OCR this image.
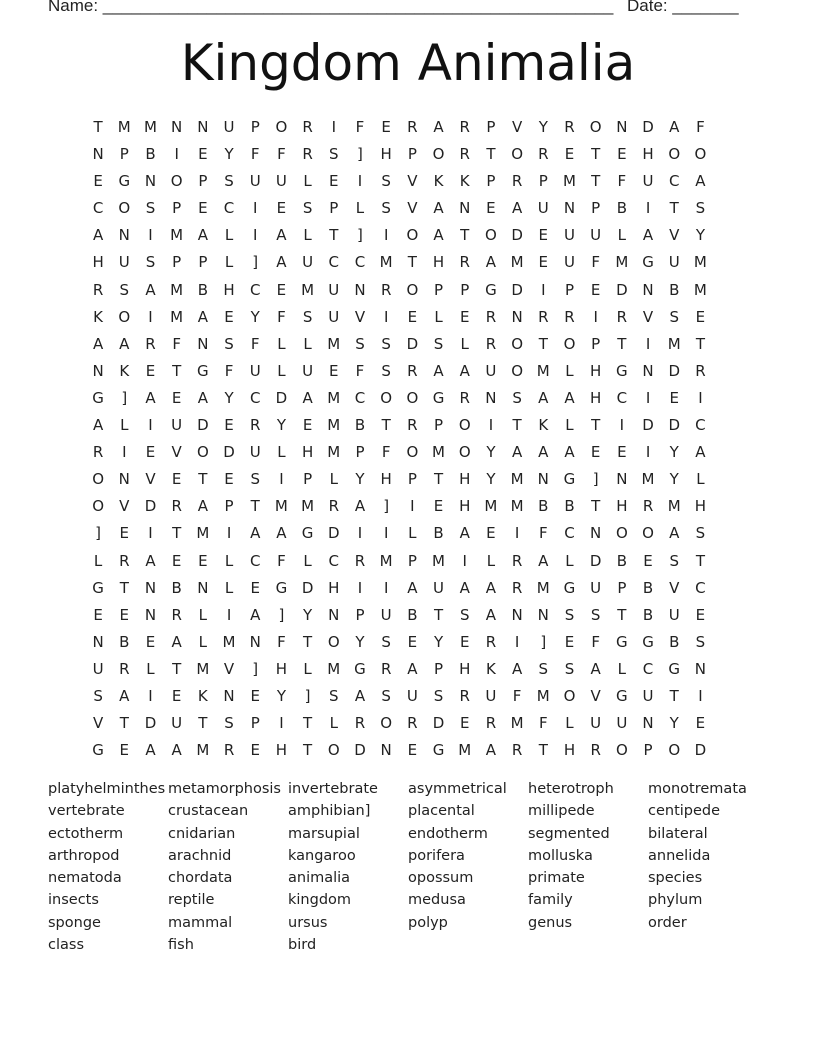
Name: ______________________________________________________ Date: _______
Kingdom Animalia
T	M M N N	U	P	O	R	I	F	E	R	A	R	P	V	Y	R	O N D	A	F
N	P	B	I	E	Y	F	F	R	S	]	H	P	O	R	T	O	R	E	T	E	H O O
E	G N O	P	S	U	U	L	E	I	S	V	K	K	P	R	P	M	T	F	U	C	A
C	O	S	P	E	C	I	E	S	P	L	S	V	A	N	E	A	U	N	P	B	I	T	S
A	N	I	M A	L	I	A	L	T	]	I	O	A	T	O D	E	U	U	L	A	V	Y
H	U	S	P	P	L	]	A	U	C	C M	T	H	R	A M E	U	F	M G U M
R	S	A M B	H	C	E M U	N	R	O	P	P	G D	I	P	E	D N	B M
K	O	I	M A	E	Y	F	S	U	V	I	E	L	E	R	N	R	R	I	R	V	S	E
A	A	R	F	N	S	F	L	L	M S	S	D	S	L	R	O	T	O	P	T	I	M	T
N	K	E	T	G	F	U	L	U	E	F	S	R	A	A	U O M	L	H G N D	R
G	]	A	E	A	Y	C	D	A M C	O O G	R	N	S	A	A	H	C	I	E	I
A	L	I	U D	E	R	Y	E M B	T	R	P	O	I	T	K	L	T	I	D D	C
R	I	E	V	O D U	L	H M	P	F	O M O	Y	A	A	A	E	E	I	Y	A
O N	V	E	T	E	S	I	P	L	Y	H	P	T	H	Y	M N G	]	N M	Y	L
O	V	D	R	A	P	T	M M R	A	]	I	E	H M M B	B	T	H	R M H
]	E	I	T	M	I	A	A	G D	I	I	L	B	A	E	I	F	C	N O O	A	S
L	R	A	E	E	L	C	F	L	C	R M	P	M	I	L	R	A	L	D	B	E	S	T
G	T	N	B	N	L	E	G D H	I	I	A	U	A	A	R M G U	P	B	V	C
E	E	N	R	L	I	A	]	Y	N	P	U	B	T	S	A	N N	S	S	T	B	U	E
N	B	E	A	L	M N	F	T	O	Y	S	E	Y	E	R	I	]	E	F	G G	B	S
U	R	L	T	M V	]	H	L	M G	R	A	P	H	K	A	S	S	A	L	C	G N
S	A	I	E	K	N	E	Y	]	S	A	S	U	S	R	U	F	M O	V	G U	T	I
V	T	D U	T	S	P	I	T	L	R	O	R	D	E	R M	F	L	U	U	N	Y	E
G	E	A	A M R	E	H	T	O D N	E	G M A	R	T	H	R	O	P	O D
platyhelminthes metamorphosis invertebrate	asymmetrical	heterotroph	monotremata
vertebrate	crustacean	amphibian]	placental	millipede	centipede
ectotherm	cnidarian	marsupial	endotherm	segmented	bilateral
arthropod	arachnid	kangaroo	porifera	molluska	annelida
nematoda	chordata	animalia	opossum	primate	species
insects	reptile	kingdom	medusa	family	phylum
sponge	mammal	ursus	polyp	genus	order
class	fish	bird
